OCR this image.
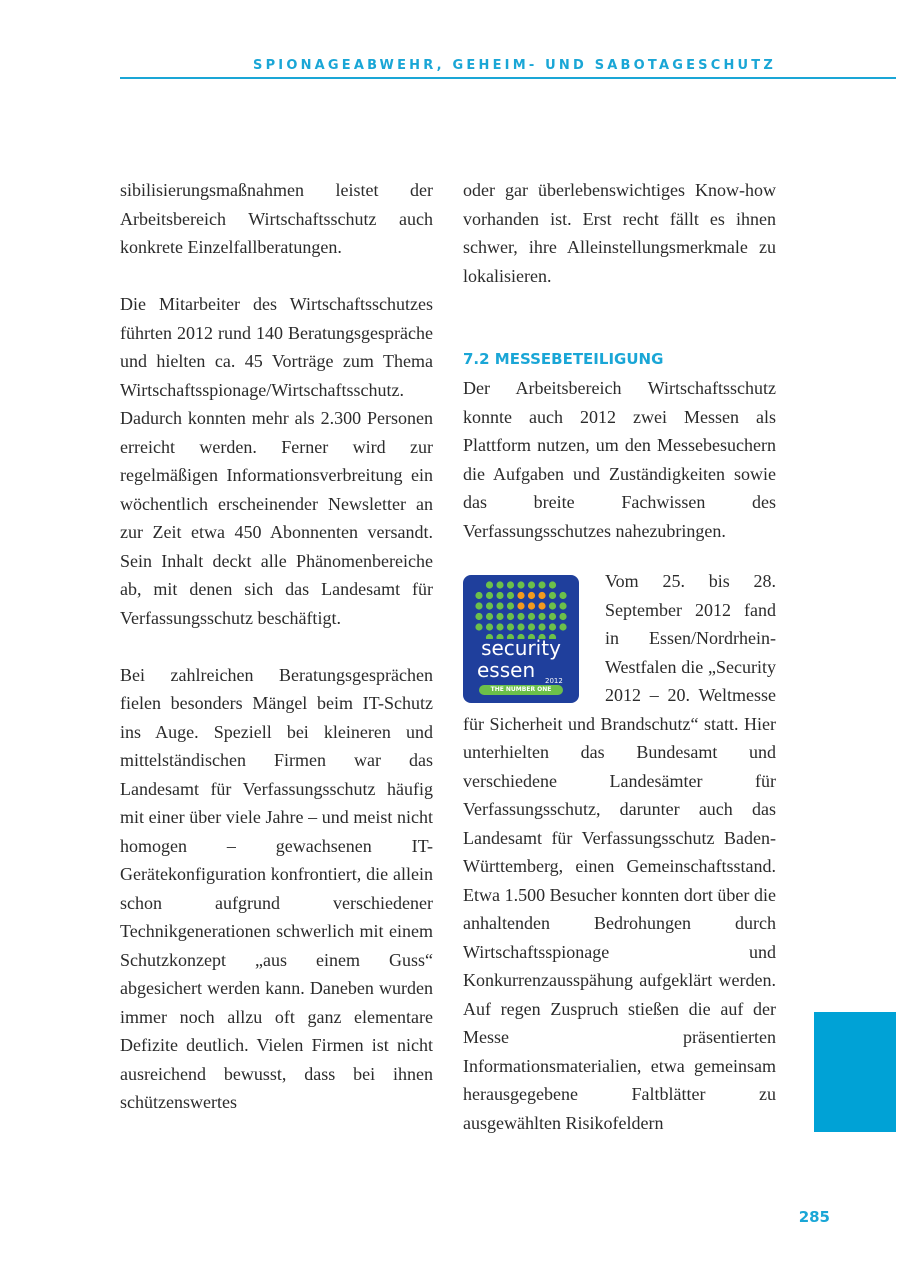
SPIONAGEABWEHR, GEHEIM- UND SABOTAGESCHUTZ

sibilisierungsmaßnahmen leistet der Arbeitsbereich Wirtschaftsschutz auch konkrete Einzelfallberatungen.

Die Mitarbeiter des Wirtschaftsschutzes führten 2012 rund 140 Beratungsgespräche und hielten ca. 45 Vorträge zum Thema Wirtschaftsspionage/Wirtschaftsschutz. Dadurch konnten mehr als 2.300 Personen erreicht werden. Ferner wird zur regelmäßigen Informationsverbreitung ein wöchentlich erscheinender Newsletter an zur Zeit etwa 450 Abonnenten versandt. Sein Inhalt deckt alle Phänomenbereiche ab, mit denen sich das Landesamt für Verfassungsschutz beschäftigt.

Bei zahlreichen Beratungsgesprächen fielen besonders Mängel beim IT-Schutz ins Auge. Speziell bei kleineren und mittelständischen Firmen war das Landesamt für Verfassungsschutz häufig mit einer über viele Jahre – und meist nicht homogen – gewachsenen IT-Gerätekonfiguration konfrontiert, die allein schon aufgrund verschiedener Technikgenerationen schwerlich mit einem Schutzkonzept „aus einem Guss“ abgesichert werden kann. Daneben wurden immer noch allzu oft ganz elementare Defizite deutlich. Vielen Firmen ist nicht ausreichend bewusst, dass bei ihnen schützenswertes

oder gar überlebenswichtiges Know-how vorhanden ist. Erst recht fällt es ihnen schwer, ihre Alleinstellungsmerkmale zu lokalisieren.

7.2 MESSEBETEILIGUNG

Der Arbeitsbereich Wirtschaftsschutz konnte auch 2012 zwei Messen als Plattform nutzen, um den Messebesuchern die Aufgaben und Zuständigkeiten sowie das breite Fachwissen des Verfassungsschutzes nahezubringen.

security
essen 2012
THE NUMBER ONE

Vom 25. bis 28. September 2012 fand in Essen/Nordrhein-Westfalen die „Security 2012 – 20. Weltmesse für Sicherheit und Brandschutz“ statt. Hier unterhielten das Bundesamt und verschiedene Landesämter für Verfassungsschutz, darunter auch das Landesamt für Verfassungsschutz Baden-Württemberg, einen Gemeinschaftsstand. Etwa 1.500 Besucher konnten dort über die anhaltenden Bedrohungen durch Wirtschaftsspionage und Konkurrenzausspähung aufgeklärt werden. Auf regen Zuspruch stießen die auf der Messe präsentierten Informationsmaterialien, etwa gemeinsam herausgegebene Faltblätter zu ausgewählten Risikofeldern

285
